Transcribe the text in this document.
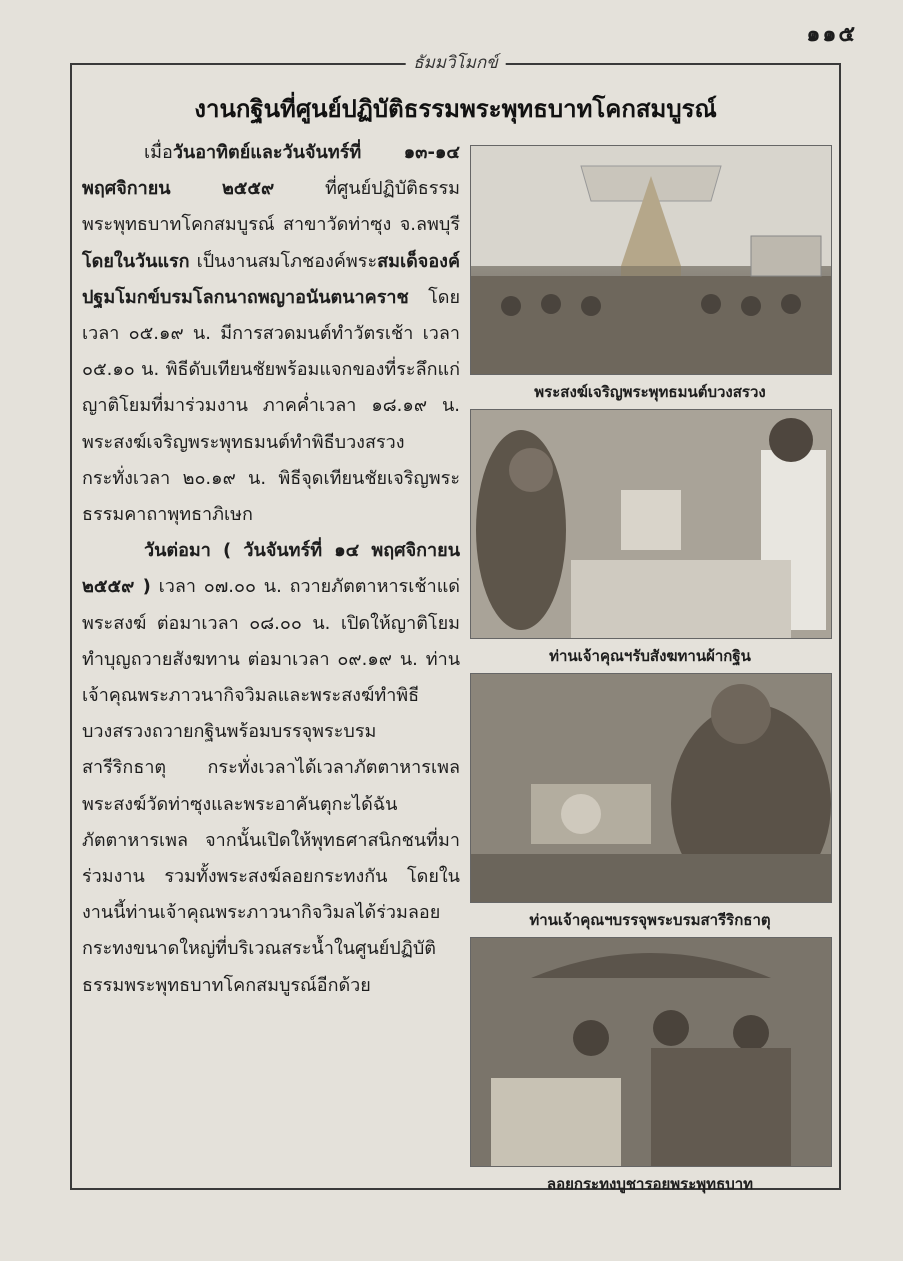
๑๑๕
ธัมมวิโมกข์
งานกฐินที่ศูนย์ปฏิบัติธรรมพระพุทธบาทโคกสมบูรณ์

เมื่อวันอาทิตย์และวันจันทร์ที่ ๑๓-๑๔ พฤศจิกายน ๒๕๕๙ ที่ศูนย์ปฏิบัติธรรมพระพุทธบาทโคกสมบูรณ์ สาขาวัดท่าซุง จ.ลพบุรี โดยในวันแรก เป็นงานสมโภชองค์พระสมเด็จองค์ปฐมโมกข์บรมโลกนาถพญาอนันตนาคราช โดยเวลา ๐๕.๑๙ น. มีการสวดมนต์ทำวัตรเช้า เวลา ๐๕.๑๐ น. พิธีดับเทียนชัยพร้อมแจกของที่ระลึกแก่ญาติโยมที่มาร่วมงาน ภาคค่ำเวลา ๑๘.๑๙ น. พระสงฆ์เจริญพระพุทธมนต์ทำพิธีบวงสรวง กระทั่งเวลา ๒๐.๑๙ น. พิธีจุดเทียนชัยเจริญพระธรรมคาถาพุทธาภิเษก

วันต่อมา ( วันจันทร์ที่ ๑๔ พฤศจิกายน ๒๕๕๙ ) เวลา ๐๗.๐๐ น. ถวายภัตตาหารเช้าแด่พระสงฆ์ ต่อมาเวลา ๐๘.๐๐ น. เปิดให้ญาติโยมทำบุญถวายสังฆทาน ต่อมาเวลา ๐๙.๑๙ น. ท่านเจ้าคุณพระภาวนากิจวิมลและพระสงฆ์ทำพิธีบวงสรวงถวายกฐินพร้อมบรรจุพระบรมสารีริกธาตุ กระทั่งเวลาได้เวลาภัตตาหารเพล พระสงฆ์วัดท่าซุงและพระอาคันตุกะได้ฉันภัตตาหารเพล จากนั้นเปิดให้พุทธศาสนิกชนที่มาร่วมงาน รวมทั้งพระสงฆ์ลอยกระทงกัน โดยในงานนี้ท่านเจ้าคุณพระภาวนากิจวิมลได้ร่วมลอยกระทงขนาดใหญ่ที่บริเวณสระน้ำในศูนย์ปฏิบัติธรรมพระพุทธบาทโคกสมบูรณ์อีกด้วย

พระสงฆ์เจริญพระพุทธมนต์บวงสรวง
ท่านเจ้าคุณฯรับสังฆทานผ้ากฐิน
ท่านเจ้าคุณฯบรรจุพระบรมสารีริกธาตุ
ลอยกระทงบูชารอยพระพุทธบาท
